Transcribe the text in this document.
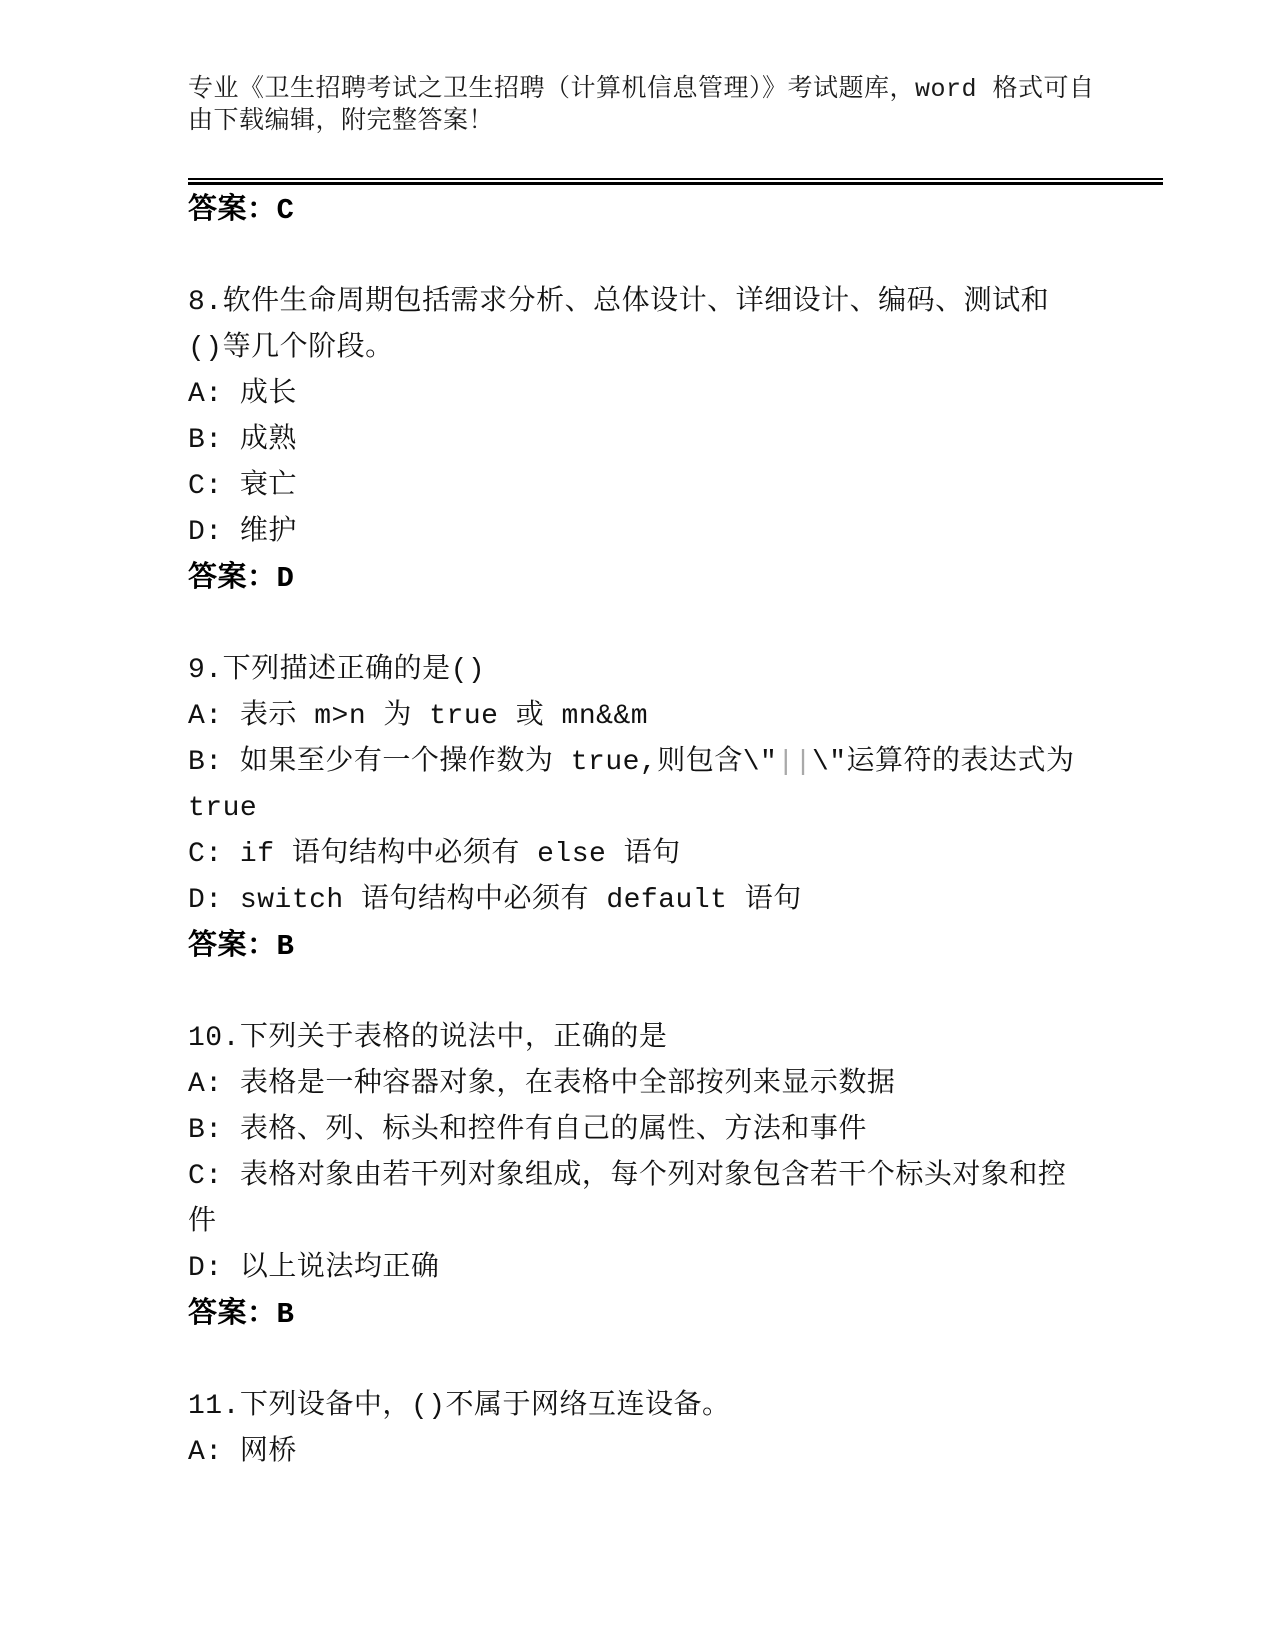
专业《卫生招聘考试之卫生招聘（计算机信息管理）》考试题库，word 格式可自
由下载编辑，附完整答案！
答案：C
8.软件生命周期包括需求分析、总体设计、详细设计、编码、测试和
()等几个阶段。
A: 成长
B: 成熟
C: 衰亡
D: 维护
答案：D
9.下列描述正确的是()
A: 表示 m>n 为 true 或 mn&&m
B: 如果至少有一个操作数为 true,则包含\"||\"运算符的表达式为
true
C: if 语句结构中必须有 else 语句
D: switch 语句结构中必须有 default 语句
答案：B
10.下列关于表格的说法中，正确的是
A: 表格是一种容器对象，在表格中全部按列来显示数据
B: 表格、列、标头和控件有自己的属性、方法和事件
C: 表格对象由若干列对象组成，每个列对象包含若干个标头对象和控
件
D: 以上说法均正确
答案：B
11.下列设备中，()不属于网络互连设备。
A: 网桥
